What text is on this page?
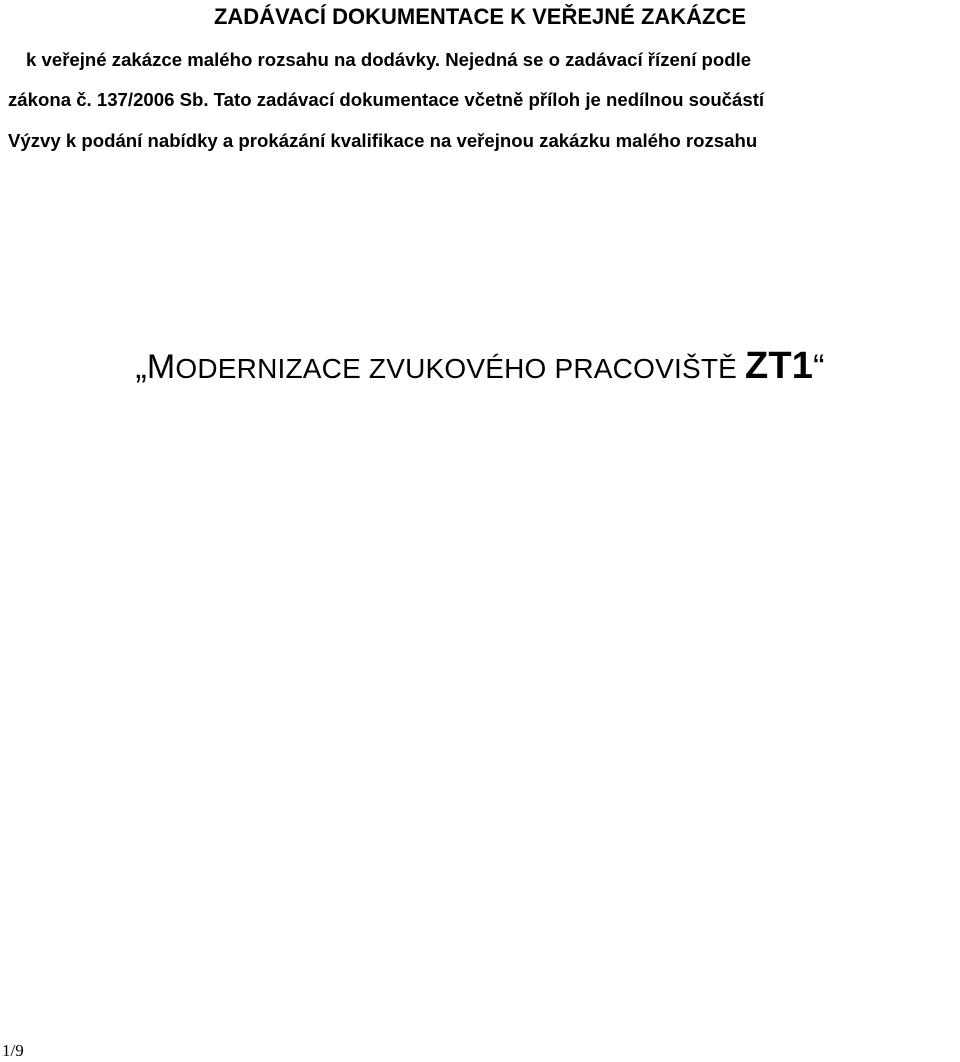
ZADÁVACÍ DOKUMENTACE K VEŘEJNÉ ZAKÁZCE
k veřejné zakázce malého rozsahu na dodávky. Nejedná se o zadávací řízení podle
zákona č. 137/2006 Sb. Tato zadávací dokumentace včetně příloh je nedílnou součástí
Výzvy k podání nabídky a prokázání kvalifikace na veřejnou zakázku malého rozsahu
„MODERNIZACE ZVUKOVÉHO PRACOVIŠTĚ ZT1“
1/9
